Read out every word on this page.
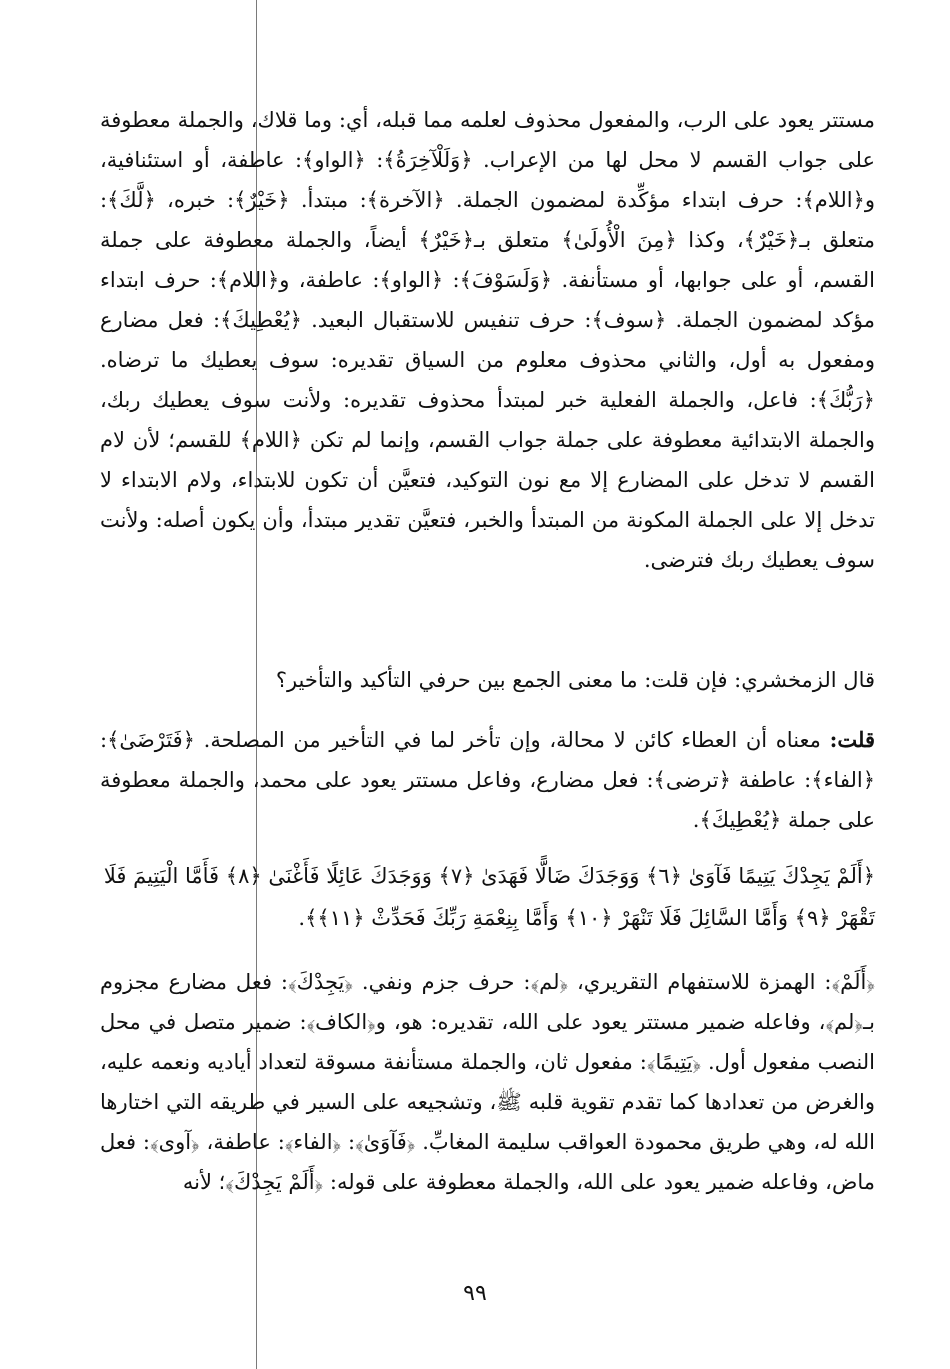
مستتر يعود على الرب، والمفعول محذوف لعلمه مما قبله، أي: وما قلاك، والجملة معطوفة على جواب القسم لا محل لها من الإعراب. ﴿وَلَلْآخِرَةُ﴾: ﴿الواو﴾: عاطفة، أو استئنافية، و﴿اللام﴾: حرف ابتداء مؤكِّدة لمضمون الجملة. ﴿الآخرة﴾: مبتدأ. ﴿خَيْرٌ﴾: خبره، ﴿لَّكَ﴾: متعلق بـ﴿خَيْرٌ﴾، وكذا ﴿مِنَ الْأُولَىٰ﴾ متعلق بـ﴿خَيْرٌ﴾ أيضاً، والجملة معطوفة على جملة القسم، أو على جوابها، أو مستأنفة. ﴿وَلَسَوْفَ﴾: ﴿الواو﴾: عاطفة، و﴿اللام﴾: حرف ابتداء مؤكد لمضمون الجملة. ﴿سوف﴾: حرف تنفيس للاستقبال البعيد. ﴿يُعْطِيكَ﴾: فعل مضارع ومفعول به أول، والثاني محذوف معلوم من السياق تقديره: سوف يعطيك ما ترضاه. ﴿رَبُّكَ﴾: فاعل، والجملة الفعلية خبر لمبتدأ محذوف تقديره: ولأنت سوف يعطيك ربك، والجملة الابتدائية معطوفة على جملة جواب القسم، وإنما لم تكن ﴿اللام﴾ للقسم؛ لأن لام القسم لا تدخل على المضارع إلا مع نون التوكيد، فتعيَّن أن تكون للابتداء، ولام الابتداء لا تدخل إلا على الجملة المكونة من المبتدأ والخبر، فتعيَّن تقدير مبتدأ، وأن يكون أصله: ولأنت سوف يعطيك ربك فترضى.

قال الزمخشري: فإن قلت: ما معنى الجمع بين حرفي التأكيد والتأخير؟

قلت: معناه أن العطاء كائن لا محالة، وإن تأخر لما في التأخير من المصلحة. ﴿فَتَرْضَىٰ﴾: ﴿الفاء﴾: عاطفة ﴿ترضى﴾: فعل مضارع، وفاعل مستتر يعود على محمد، والجملة معطوفة على جملة ﴿يُعْطِيكَ﴾.

﴿أَلَمْ يَجِدْكَ يَتِيمًا فَآوَىٰ ﴿٦﴾ وَوَجَدَكَ ضَالًّا فَهَدَىٰ ﴿٧﴾ وَوَجَدَكَ عَائِلًا فَأَغْنَىٰ ﴿٨﴾ فَأَمَّا الْيَتِيمَ فَلَا تَقْهَرْ ﴿٩﴾ وَأَمَّا السَّائِلَ فَلَا تَنْهَرْ ﴿١٠﴾ وَأَمَّا بِنِعْمَةِ رَبِّكَ فَحَدِّثْ ﴿١١﴾﴾.

﴿أَلَمْ﴾: الهمزة للاستفهام التقريري، ﴿لم﴾: حرف جزم ونفي. ﴿يَجِدْكَ﴾: فعل مضارع مجزوم بـ﴿لم﴾، وفاعله ضمير مستتر يعود على الله، تقديره: هو، و﴿الكاف﴾: ضمير متصل في محل النصب مفعول أول. ﴿يَتِيمًا﴾: مفعول ثان، والجملة مستأنفة مسوقة لتعداد أياديه ونعمه عليه، والغرض من تعدادها كما تقدم تقوية قلبه ﷺ، وتشجيعه على السير في طريقه التي اختارها الله له، وهي طريق محمودة العواقب سليمة المغابِّ. ﴿فَآوَىٰ﴾: ﴿الفاء﴾: عاطفة، ﴿آوى﴾: فعل ماض، وفاعله ضمير يعود على الله، والجملة معطوفة على قوله: ﴿أَلَمْ يَجِدْكَ﴾؛ لأنه

٩٩
